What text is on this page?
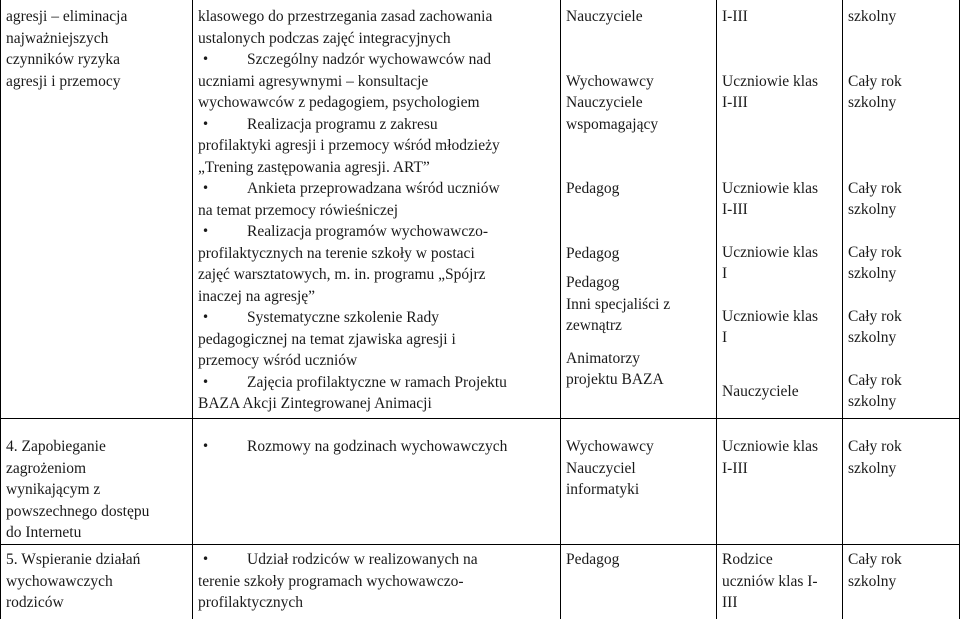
agresji – eliminacja
najważniejszych
czynników ryzyka
agresji i przemocy
klasowego do przestrzegania zasad zachowania
ustalonych podczas zajęć integracyjnych
• Szczególny nadzór wychowawców nad
uczniami agresywnymi – konsultacje
wychowawców z pedagogiem, psychologiem
• Realizacja programu z zakresu
profilaktyki agresji i przemocy wśród młodzieży
„Trening zastępowania agresji. ART”
• Ankieta przeprowadzana wśród uczniów
na temat przemocy rówieśniczej
• Realizacja programów wychowawczo-
profilaktycznych na terenie szkoły w postaci
zajęć warsztatowych, m. in. programu „Spójrz
inaczej na agresję”
• Systematyczne szkolenie Rady
pedagogicznej na temat zjawiska agresji i
przemocy wśród uczniów
• Zajęcia profilaktyczne w ramach Projektu
BAZA Akcji Zintegrowanej Animacji
Nauczyciele
Wychowawcy
Nauczyciele
wspomagający
Pedagog
Pedagog
Pedagog
Inni specjaliści z
zewnątrz
Animatorzy
projektu BAZA
I-III
Uczniowie klas
I-III
Uczniowie klas
I-III
Uczniowie klas
I
Uczniowie klas
I
Nauczyciele
szkolny
Cały rok
szkolny
Cały rok
szkolny
Cały rok
szkolny
Cały rok
szkolny
Cały rok
szkolny
4. Zapobieganie
zagrożeniom
wynikającym z
powszechnego dostępu
do Internetu
• Rozmowy na godzinach wychowawczych	Wychowawcy
Nauczyciel
informatyki
Uczniowie klas
I-III
Cały rok
szkolny
5. Wspieranie działań
wychowawczych
rodziców
• Udział rodziców w realizowanych na
terenie szkoły programach wychowawczo-
profilaktycznych
Pedagog	Rodzice
uczniów klas I-
III
Cały rok
szkolny
